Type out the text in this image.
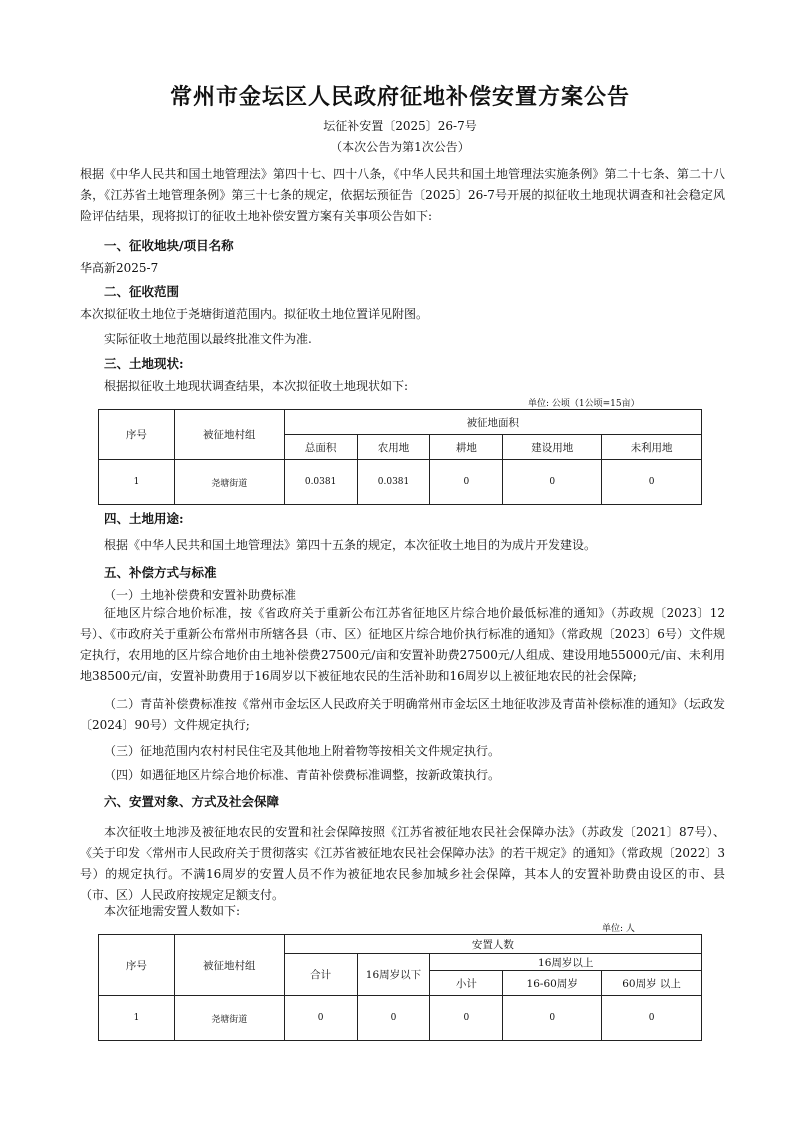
常州市金坛区人民政府征地补偿安置方案公告
坛征补安置〔2025〕26-7号
（本次公告为第1次公告）
根据《中华人民共和国土地管理法》第四十七、四十八条，《中华人民共和国土地管理法实施条例》第二十七条、第二十八条，《江苏省土地管理条例》第三十七条的规定，依据坛预征告〔2025〕26-7号开展的拟征收土地现状调查和社会稳定风险评估结果，现将拟订的征收土地补偿安置方案有关事项公告如下:
一、征收地块/项目名称
华高新2025-7
二、征收范围
本次拟征收土地位于尧塘街道范围内。拟征收土地位置详见附图。
实际征收土地范围以最终批准文件为准.
三、土地现状:
根据拟征收土地现状调查结果，本次拟征收土地现状如下:
单位: 公顷（1公顷=15亩）
序号	被征地村组	被征地面积				
		总面积	农用地	耕地	建设用地	未利用地
1	尧塘街道	0.0381	0.0381	0	0	0
四、土地用途:
根据《中华人民共和国土地管理法》第四十五条的规定，本次征收土地目的为成片开发建设。
五、补偿方式与标准
（一）土地补偿费和安置补助费标准
征地区片综合地价标准，按《省政府关于重新公布江苏省征地区片综合地价最低标准的通知》（苏政规〔2023〕12号）、《市政府关于重新公布常州市所辖各县（市、区）征地区片综合地价执行标准的通知》（常政规〔2023〕6号）文件规定执行，农用地的区片综合地价由土地补偿费27500元/亩和安置补助费27500元/人组成、建设用地55000元/亩、未利用地38500元/亩，安置补助费用于16周岁以下被征地农民的生活补助和16周岁以上被征地农民的社会保障;
（二）青苗补偿费标准按《常州市金坛区人民政府关于明确常州市金坛区土地征收涉及青苗补偿标准的通知》（坛政发〔2024〕90号）文件规定执行;
（三）征地范围内农村村民住宅及其他地上附着物等按相关文件规定执行。
（四）如遇征地区片综合地价标准、青苗补偿费标准调整，按新政策执行。
六、安置对象、方式及社会保障
本次征收土地涉及被征地农民的安置和社会保障按照《江苏省被征地农民社会保障办法》（苏政发〔2021〕87号）、《关于印发〈常州市人民政府关于贯彻落实《江苏省被征地农民社会保障办法》的若干规定》的通知》（常政规〔2022〕3号）的规定执行。不满16周岁的安置人员不作为被征地农民参加城乡社会保障，其本人的安置补助费由设区的市、县（市、区）人民政府按规定足额支付。
本次征地需安置人数如下:
单位: 人
序号	被征地村组	安置人数				
		合计	16周岁以下	16周岁以上		
				小计	16-60周岁	60周岁 以上
1	尧塘街道	0	0	0	0	0
